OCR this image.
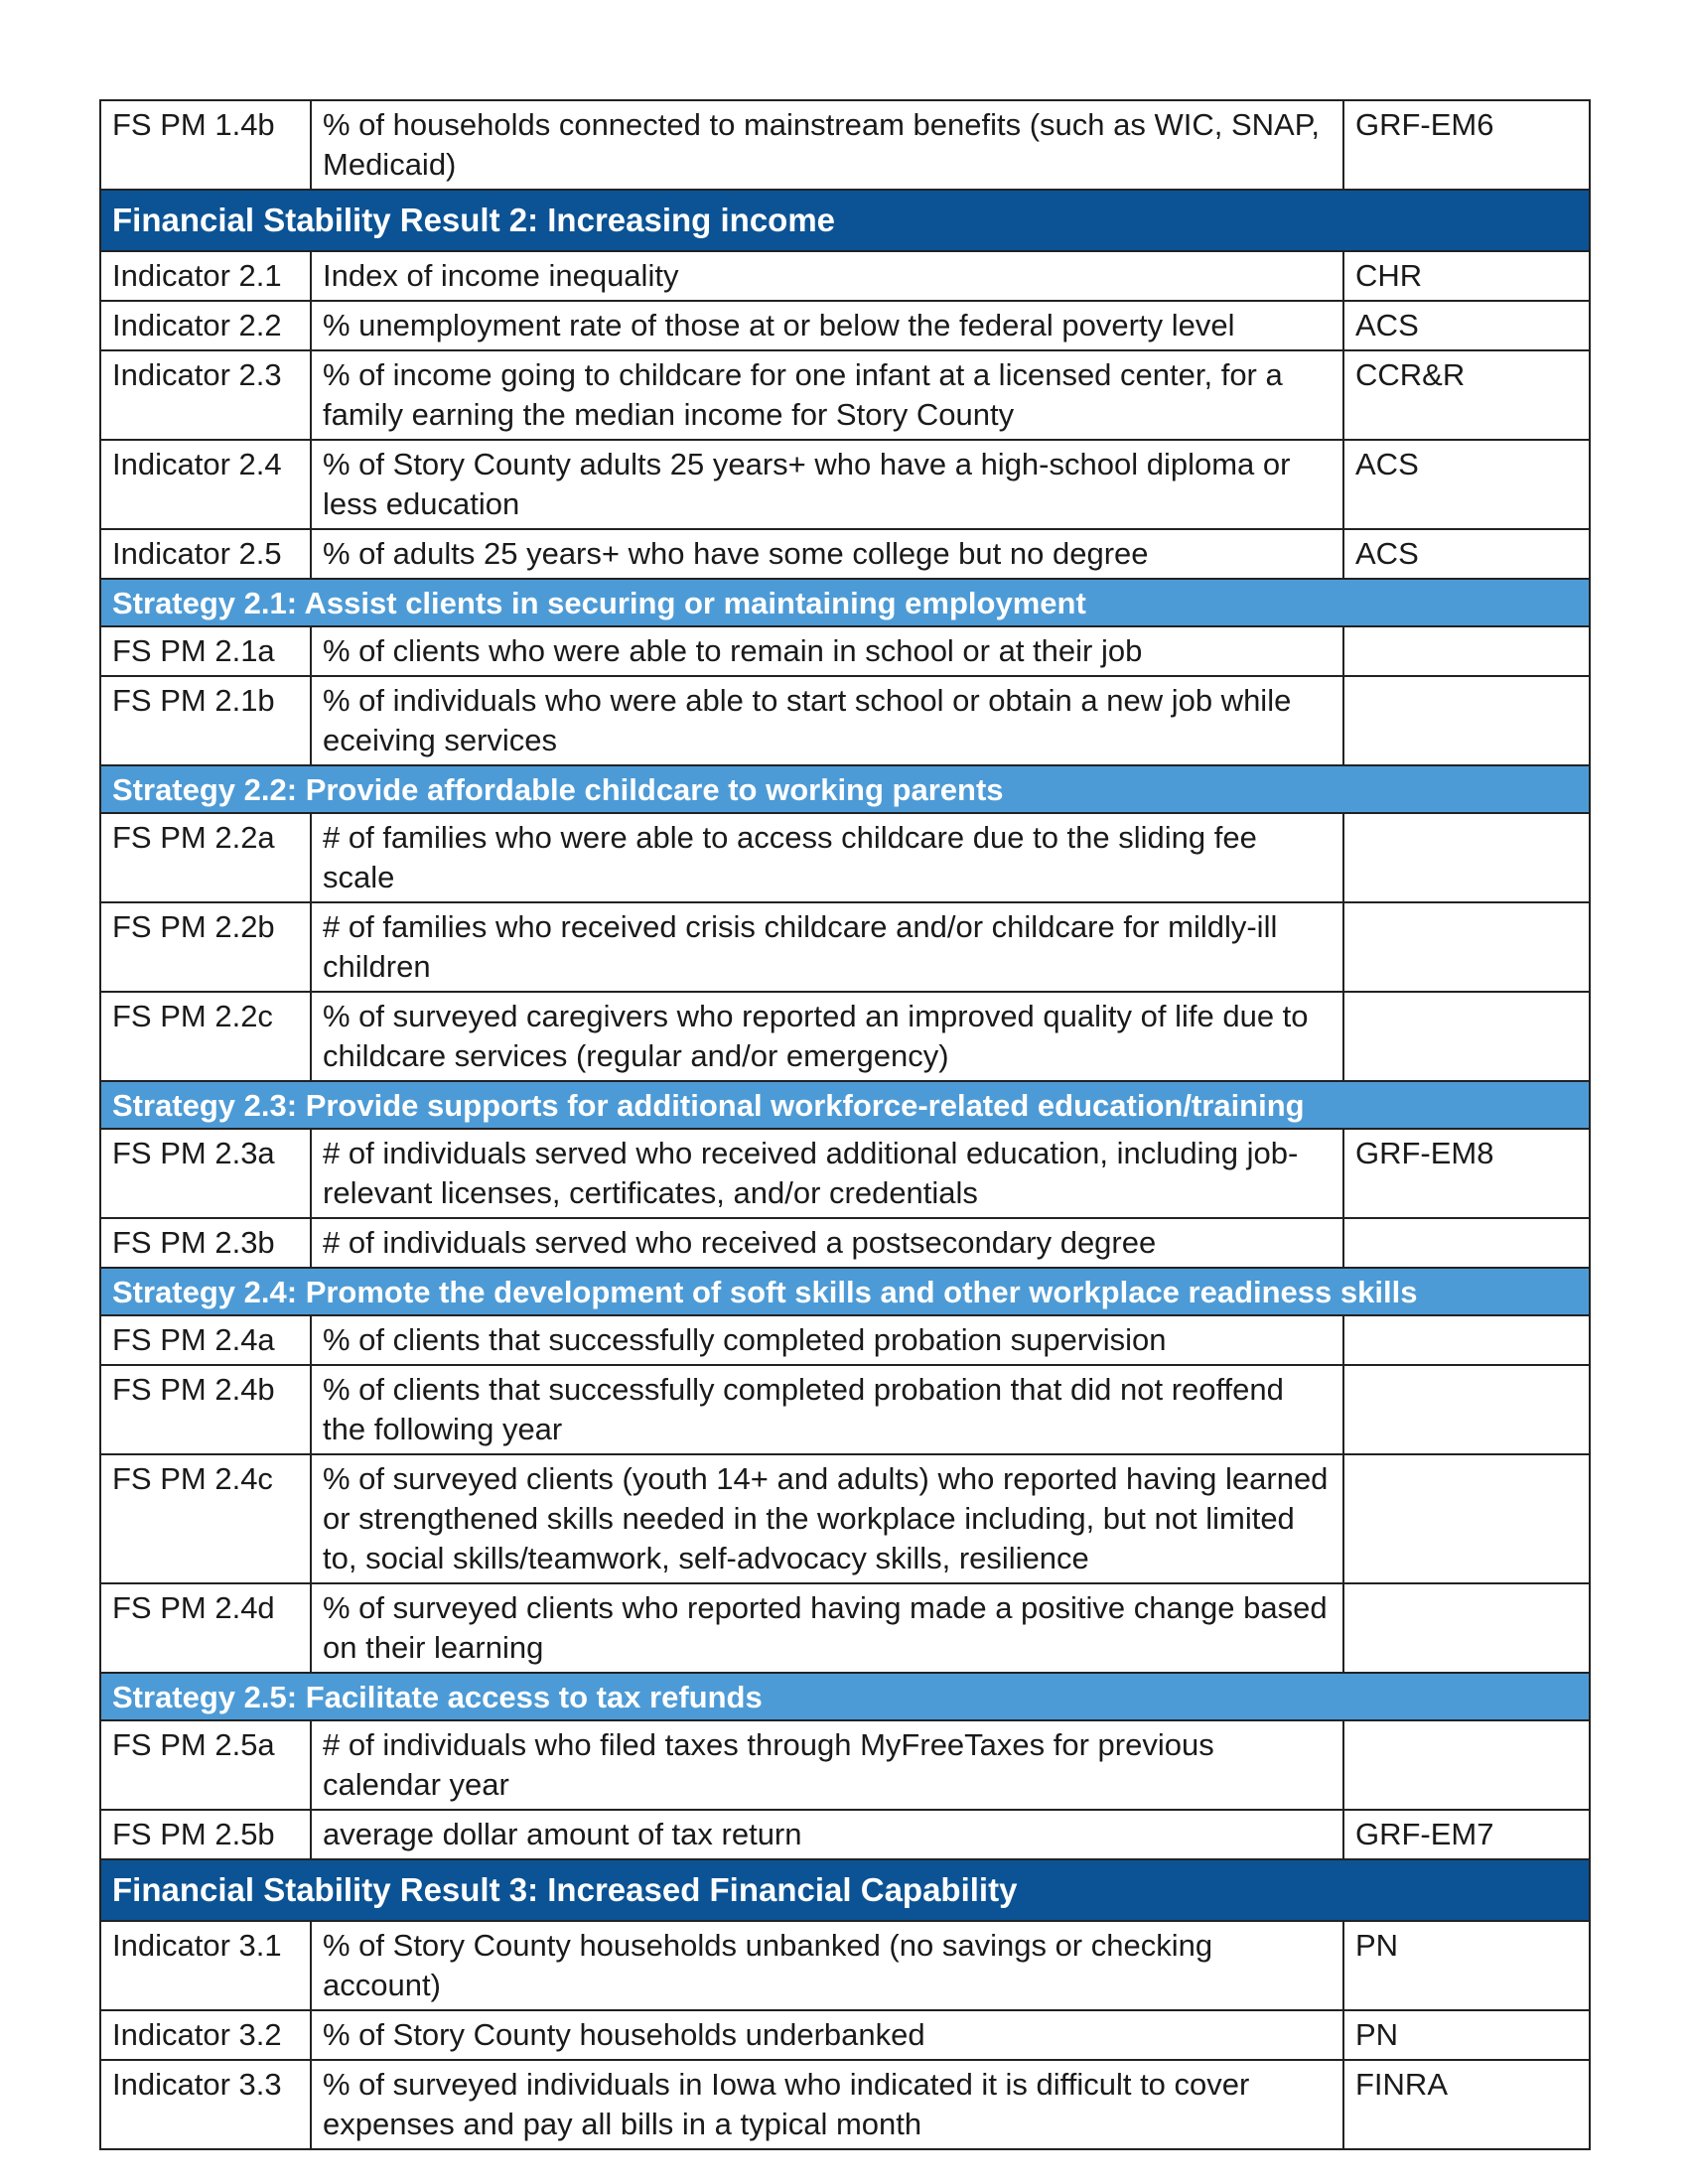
FS PM 1.4b	% of households connected to mainstream benefits (such as WIC, SNAP, Medicaid)	GRF-EM6
Financial Stability Result 2: Increasing income		
Indicator 2.1	Index of income inequality	CHR
Indicator 2.2	% unemployment rate of those at or below the federal poverty level	ACS
Indicator 2.3	% of income going to childcare for one infant at a licensed center, for a family earning the median income for Story County	CCR&R
Indicator 2.4	% of Story County adults 25 years+ who have a high-school diploma or less education	ACS
Indicator 2.5	% of adults 25 years+ who have some college but no degree	ACS
Strategy 2.1: Assist clients in securing or maintaining employment		
FS PM 2.1a	% of clients who were able to remain in school or at their job	
FS PM 2.1b	% of individuals who were able to start school or obtain a new job while eceiving services	
Strategy 2.2: Provide affordable childcare to working parents		
FS PM 2.2a	# of families who were able to access childcare due to the sliding fee scale	
FS PM 2.2b	# of families who received crisis childcare and/or childcare for mildly-ill children	
FS PM 2.2c	% of surveyed caregivers who reported an improved quality of life due to childcare services (regular and/or emergency)	
Strategy 2.3: Provide supports for additional workforce-related education/training		
FS PM 2.3a	# of individuals served who received additional education, including job-relevant licenses, certificates, and/or credentials	GRF-EM8
FS PM 2.3b	# of individuals served who received a postsecondary degree	
Strategy 2.4: Promote the development of soft skills and other workplace readiness skills		
FS PM 2.4a	% of clients that successfully completed probation supervision	
FS PM 2.4b	% of clients that successfully completed probation that did not reoffend the following year	
FS PM 2.4c	% of surveyed clients (youth 14+ and adults) who reported having learned or strengthened skills needed in the workplace including, but not limited to, social skills/teamwork, self-advocacy skills, resilience	
FS PM 2.4d	% of surveyed clients who reported having made a positive change based on their learning	
Strategy 2.5: Facilitate access to tax refunds		
FS PM 2.5a	# of individuals who filed taxes through MyFreeTaxes for previous calendar year	
FS PM 2.5b	average dollar amount of tax return	GRF-EM7
Financial Stability Result 3: Increased Financial Capability		
Indicator 3.1	% of Story County households unbanked (no savings or checking account)	PN
Indicator 3.2	% of Story County households underbanked	PN
Indicator 3.3	% of surveyed individuals in Iowa who indicated it is difficult to cover expenses and pay all bills in a typical month	FINRA
